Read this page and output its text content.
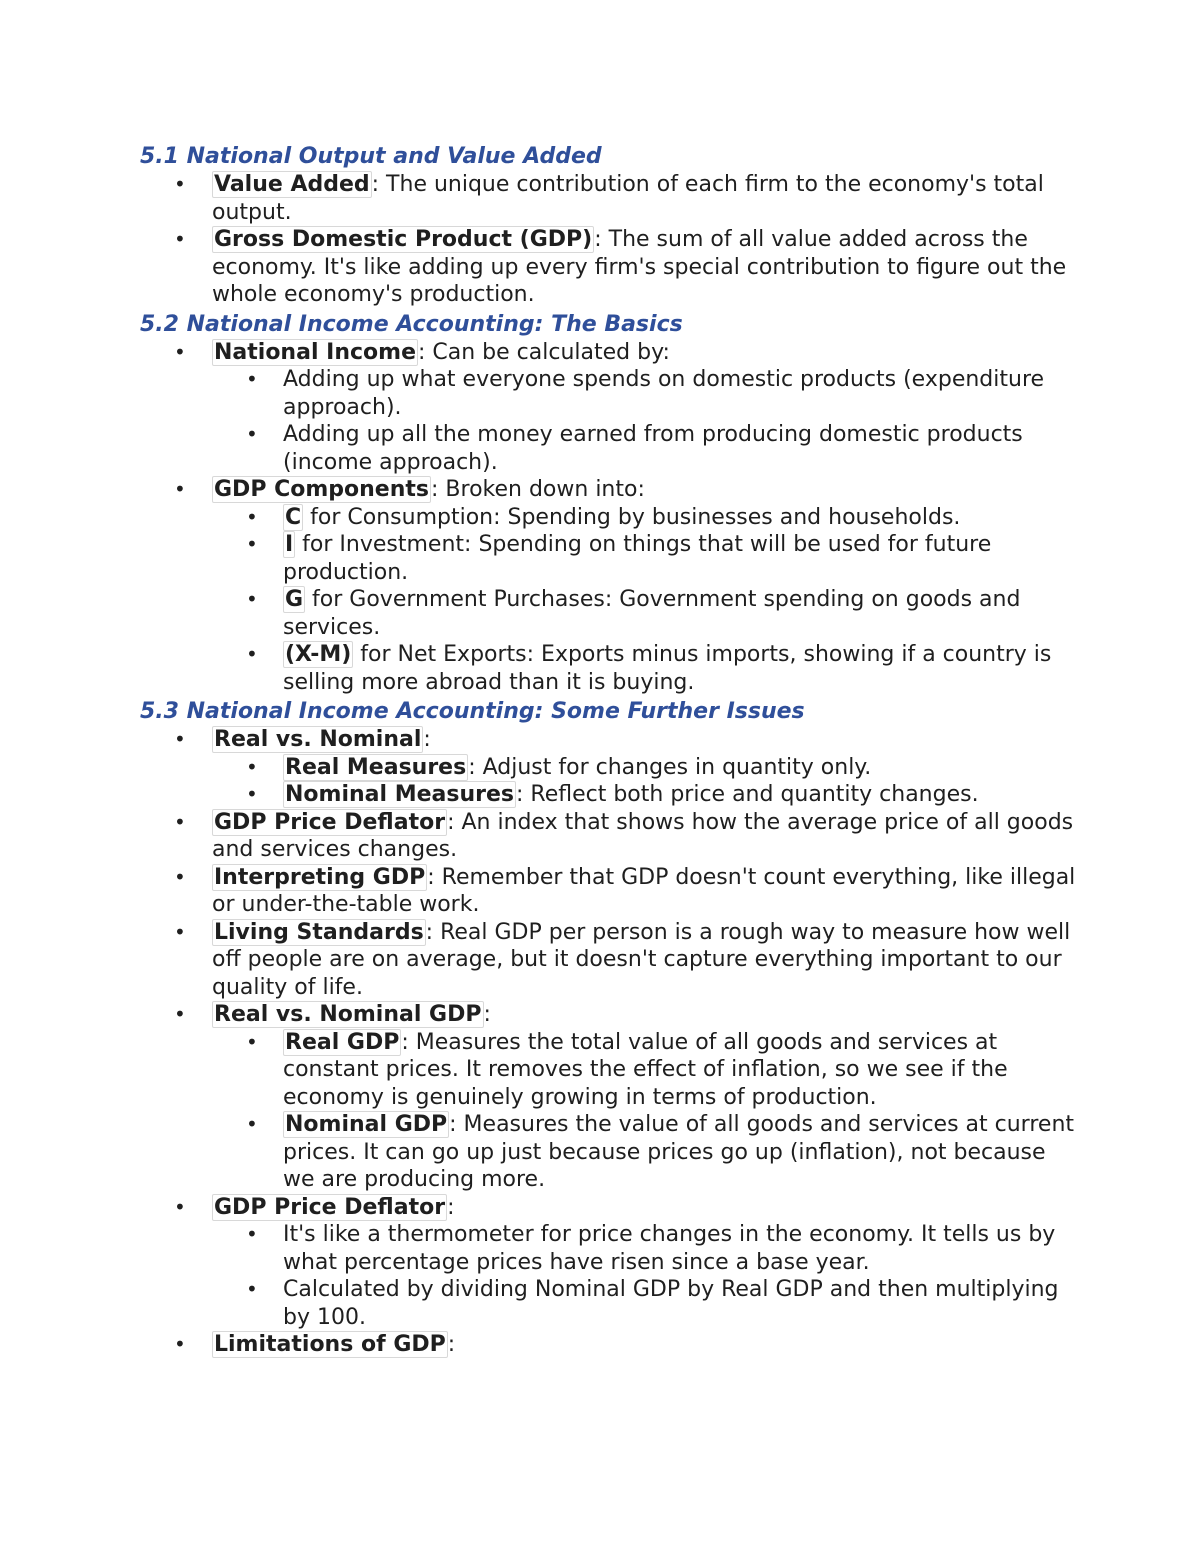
5.1 National Output and Value Added
• Value Added: The unique contribution of each firm to the economy's total output.
• Gross Domestic Product (GDP): The sum of all value added across the economy. It's like adding up every firm's special contribution to figure out the whole economy's production.
5.2 National Income Accounting: The Basics
• National Income: Can be calculated by:
• Adding up what everyone spends on domestic products (expenditure approach).
• Adding up all the money earned from producing domestic products (income approach).
• GDP Components: Broken down into:
• C for Consumption: Spending by businesses and households.
• I for Investment: Spending on things that will be used for future production.
• G for Government Purchases: Government spending on goods and services.
• (X-M) for Net Exports: Exports minus imports, showing if a country is selling more abroad than it is buying.
5.3 National Income Accounting: Some Further Issues
• Real vs. Nominal:
• Real Measures: Adjust for changes in quantity only.
• Nominal Measures: Reflect both price and quantity changes.
• GDP Price Deflator: An index that shows how the average price of all goods and services changes.
• Interpreting GDP: Remember that GDP doesn't count everything, like illegal or under-the-table work.
• Living Standards: Real GDP per person is a rough way to measure how well off people are on average, but it doesn't capture everything important to our quality of life.
• Real vs. Nominal GDP:
• Real GDP: Measures the total value of all goods and services at constant prices. It removes the effect of inflation, so we see if the economy is genuinely growing in terms of production.
• Nominal GDP: Measures the value of all goods and services at current prices. It can go up just because prices go up (inflation), not because we are producing more.
• GDP Price Deflator:
• It's like a thermometer for price changes in the economy. It tells us by what percentage prices have risen since a base year.
• Calculated by dividing Nominal GDP by Real GDP and then multiplying by 100.
• Limitations of GDP:
